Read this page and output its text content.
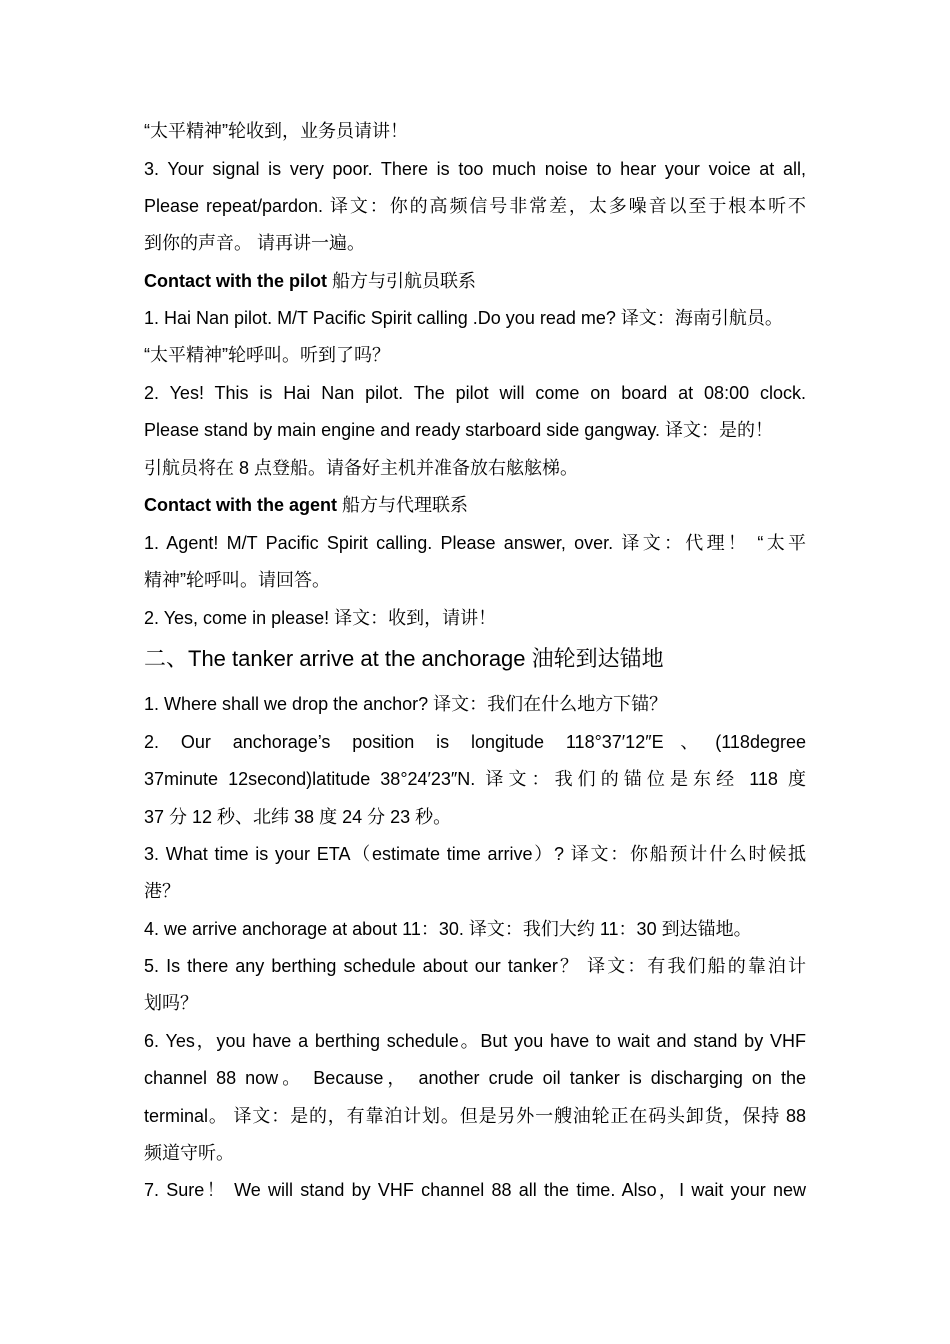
“太平精神”轮收到，业务员请讲！
3. Your signal is very poor. There is too much noise to hear your voice at all,
Please repeat/pardon. 译文：你的高频信号非常差，太多噪音以至于根本听不
到你的声音。 请再讲一遍。
Contact with the pilot 船方与引航员联系
1. Hai Nan pilot. M/T Pacific Spirit calling .Do you read me? 译文：海南引航员。
“太平精神”轮呼叫。听到了吗？
2. Yes! This is Hai Nan pilot. The pilot will come on board at 08:00 clock.
Please stand by main engine and ready starboard side gangway. 译文：是的！
引航员将在 8 点登船。请备好主机并准备放右舷舷梯。
Contact with the agent 船方与代理联系
1. Agent! M/T Pacific Spirit calling. Please answer, over. 译文：代理！ “太平
精神”轮呼叫。请回答。
2. Yes, come in please! 译文：收到，请讲！
二、The tanker arrive at the anchorage 油轮到达锚地
1. Where shall we drop the anchor? 译文：我们在什么地方下锚？
2. Our anchorage’s position is longitude 118°37′12″E、(118degree
37minute 12second)latitude 38°24′23″N. 译文：我们的锚位是东经 118 度
37 分 12 秒、北纬 38 度 24 分 23 秒。
3. What time is your ETA（estimate time arrive）? 译文：你船预计什么时候抵
港？
4. we arrive anchorage at about 11：30. 译文：我们大约 11：30 到达锚地。
5. Is there any berthing schedule about our tanker？ 译文：有我们船的靠泊计
划吗？
6. Yes，you have a berthing schedule。But you have to wait and stand by VHF
channel 88 now。 Because， another crude oil tanker is discharging on the
terminal。 译文：是的，有靠泊计划。但是另外一艘油轮正在码头卸货，保持 88
频道守听。
7. Sure！ We will stand by VHF channel 88 all the time. Also，I wait your new
